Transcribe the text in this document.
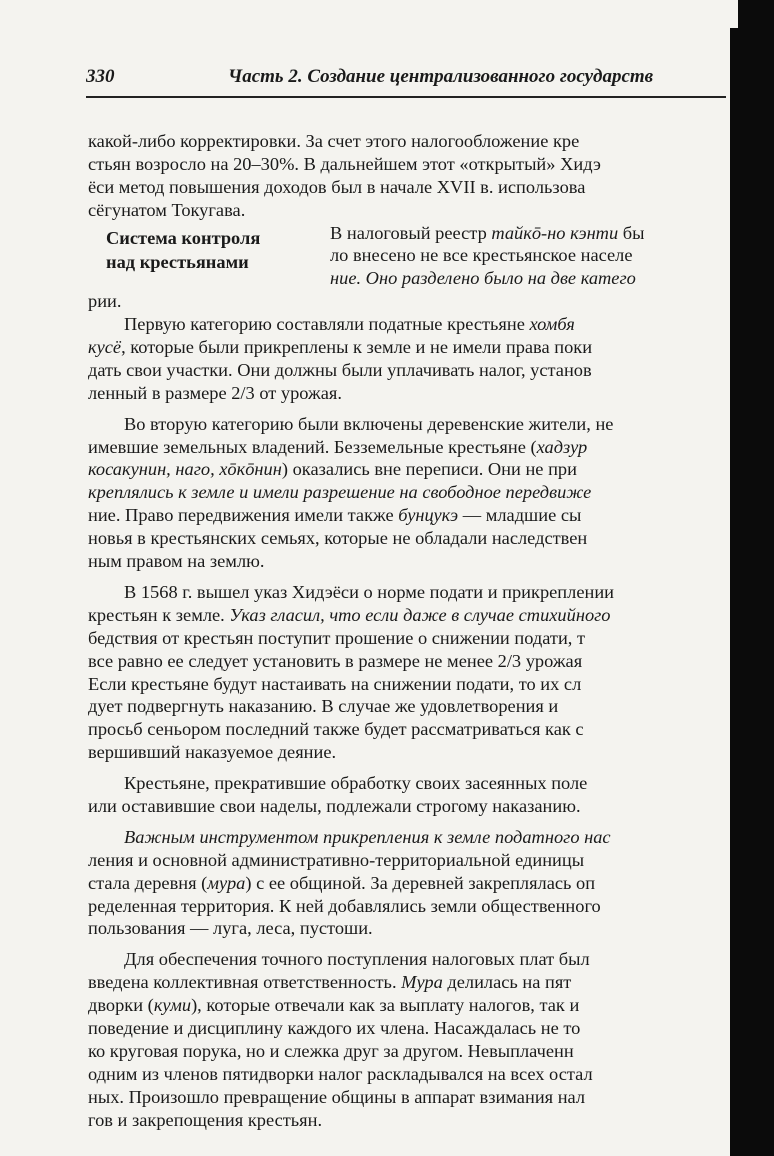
330	Часть 2. Создание централизованного государств
какой-либо корректировки. За счет этого налогообложение кре
стьян возросло на 20–30%. В дальнейшем этот «открытый» Хидэ
ёси метод повышения доходов был в начале XVII в. использова
сёгунатом Токугава.
Система контроля
над крестьянами
В налоговый реестр тайкō-но кэнти бы
ло внесено не все крестьянское населе
ние. Оно разделено было на две катего
рии.
Первую категорию составляли податные крестьяне хомбя
кусё, которые были прикреплены к земле и не имели права поки
дать свои участки. Они должны были уплачивать налог, установ
ленный в размере 2/3 от урожая.
Во вторую категорию были включены деревенские жители, не
имевшие земельных владений. Безземельные крестьяне (хадзур
косакунин, наго, хōкōнин) оказались вне переписи. Они не при
креплялись к земле и имели разрешение на свободное передвиже
ние. Право передвижения имели также бунцукэ — младшие сы
новья в крестьянских семьях, которые не обладали наследствен
ным правом на землю.
В 1568 г. вышел указ Хидэёси о норме подати и прикреплении
крестьян к земле. Указ гласил, что если даже в случае стихийного
бедствия от крестьян поступит прошение о снижении подати, т
все равно ее следует установить в размере не менее 2/3 урожая
Если крестьяне будут настаивать на снижении подати, то их сл
дует подвергнуть наказанию. В случае же удовлетворения и
просьб сеньором последний также будет рассматриваться как с
вершивший наказуемое деяние.
Крестьяне, прекратившие обработку своих засеянных поле
или оставившие свои наделы, подлежали строгому наказанию.
Важным инструментом прикрепления к земле податного нас
ления и основной административно-территориальной единицы
стала деревня (мура) с ее общиной. За деревней закреплялась оп
ределенная территория. К ней добавлялись земли общественного
пользования — луга, леса, пустоши.
Для обеспечения точного поступления налоговых плат был
введена коллективная ответственность. Мура делилась на пят
дворки (куми), которые отвечали как за выплату налогов, так и
поведение и дисциплину каждого их члена. Насаждалась не то
ко круговая порука, но и слежка друг за другом. Невыплаченн
одним из членов пятидворки налог раскладывался на всех остал
ных. Произошло превращение общины в аппарат взимания нал
гов и закрепощения крестьян.
